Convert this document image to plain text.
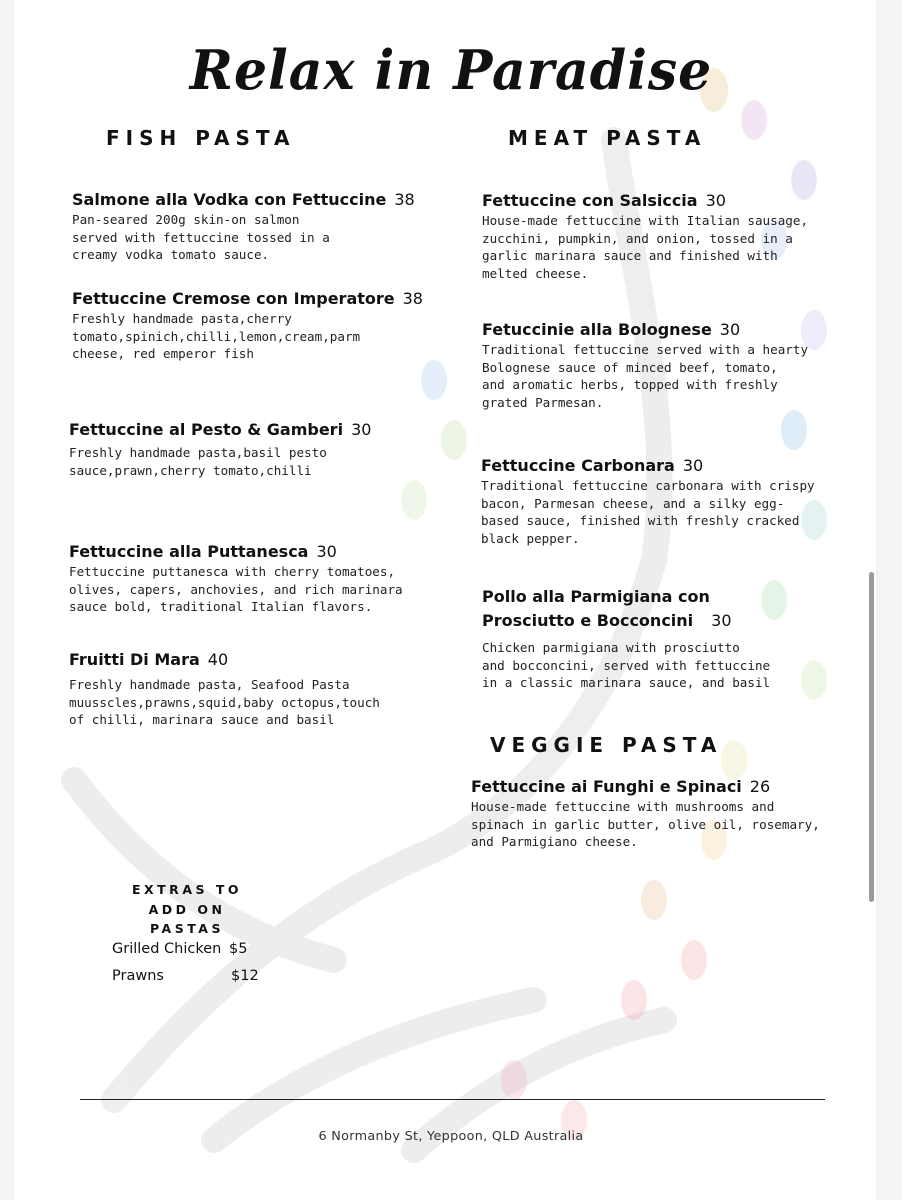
Relax in Paradise
FISH PASTA	MEAT PASTA
VEGGIE PASTA
Salmone alla Vodka con Fettuccine 38
Pan-seared 200g skin-on salmon
served with fettuccine tossed in a
creamy vodka tomato sauce.
Fettuccine Cremose con Imperatore 38
Freshly handmade pasta,cherry
tomato,spinich,chilli,lemon,cream,parm
cheese, red emperor fish
Fettuccine al Pesto & Gamberi 30
Freshly handmade pasta,basil pesto
sauce,prawn,cherry tomato,chilli
Fettuccine alla Puttanesca 30
Fettuccine puttanesca with cherry tomatoes,
olives, capers, anchovies, and rich marinara
sauce bold, traditional Italian flavors.
Fruitti Di Mara 40
Freshly handmade pasta, Seafood Pasta
muusscles,prawns,squid,baby octopus,touch
of chilli, marinara sauce and basil
Fettuccine con Salsiccia 30
House-made fettuccine with Italian sausage,
zucchini, pumpkin, and onion, tossed in a
garlic marinara sauce and finished with
melted cheese.
Fetuccinie alla Bolognese 30
Traditional fettuccine served with a hearty
Bolognese sauce of minced beef, tomato,
and aromatic herbs, topped with freshly
grated Parmesan.
Fettuccine Carbonara 30
Traditional fettuccine carbonara with crispy
bacon, Parmesan cheese, and a silky egg-
based sauce, finished with freshly cracked
black pepper.
Pollo alla Parmigiana con
Prosciutto e Bocconcini 30
Chicken parmigiana with prosciutto
and bocconcini, served with fettuccine
in a classic marinara sauce, and basil
Fettuccine ai Funghi e Spinaci 26
House-made fettuccine with mushrooms and
spinach in garlic butter, olive oil, rosemary,
and Parmigiano cheese.
EXTRAS TO
ADD ON
PASTAS
Grilled Chicken $5
Prawns	$12
6 Normanby St, Yeppoon, QLD Australia
